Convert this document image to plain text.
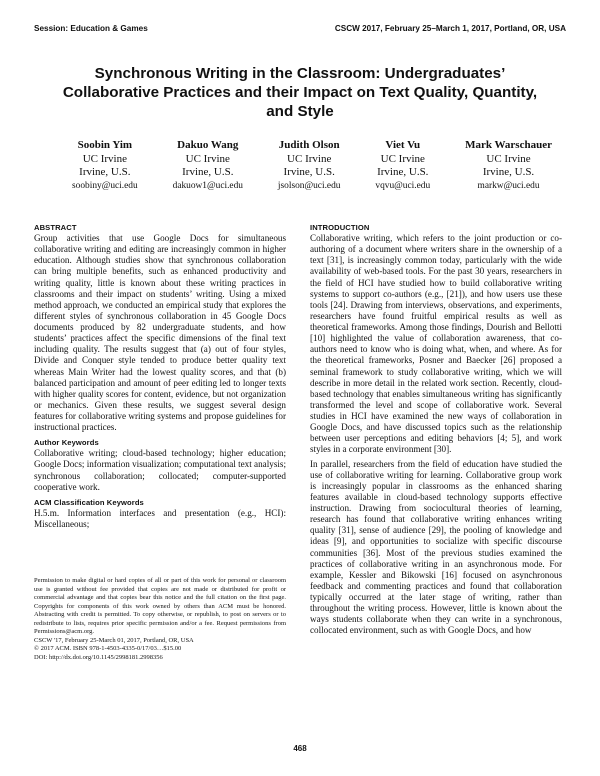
Session: Education & Games	CSCW 2017, February 25–March 1, 2017, Portland, OR, USA
Synchronous Writing in the Classroom: Undergraduates’ Collaborative Practices and their Impact on Text Quality, Quantity, and Style
Soobin Yim
UC Irvine
Irvine, U.S.
soobiny@uci.edu
Dakuo Wang
UC Irvine
Irvine, U.S.
dakuow1@uci.edu
Judith Olson
UC Irvine
Irvine, U.S.
jsolson@uci.edu
Viet Vu
UC Irvine
Irvine, U.S.
vqvu@uci.edu
Mark Warschauer
UC Irvine
Irvine, U.S.
markw@uci.edu
ABSTRACT

Group activities that use Google Docs for simultaneous collaborative writing and editing are increasingly common in higher education. Although studies show that synchronous collaboration can bring multiple benefits, such as enhanced productivity and writing quality, little is known about these writing practices in classrooms and their impact on students’ writing. Using a mixed method approach, we conducted an empirical study that explores the different styles of synchronous collaboration in 45 Google Docs documents produced by 82 undergraduate students, and how students’ practices affect the specific dimensions of the final text including quality. The results suggest that (a) out of four styles, Divide and Conquer style tended to produce better quality text whereas Main Writer had the lowest quality scores, and that (b) balanced participation and amount of peer editing led to longer texts with higher quality scores for content, evidence, but not organization or mechanics. Given these results, we suggest several design features for collaborative writing systems and propose guidelines for instructional practices.

Author Keywords

Collaborative writing; cloud-based technology; higher education; Google Docs; information visualization; computational text analysis; synchronous collaboration; collocated; computer-supported cooperative work.

ACM Classification Keywords

H.5.m. Information interfaces and presentation (e.g., HCI): Miscellaneous;

Permission to make digital or hard copies of all or part of this work for personal or classroom use is granted without fee provided that copies are not made or distributed for profit or commercial advantage and that copies bear this notice and the full citation on the first page. Copyrights for components of this work owned by others than ACM must be honored. Abstracting with credit is permitted. To copy otherwise, or republish, to post on servers or to redistribute to lists, requires prior specific permission and/or a fee. Request permissions from Permissions@acm.org.

CSCW '17, February 25-March 01, 2017, Portland, OR, USA

© 2017 ACM. ISBN 978-1-4503-4335-0/17/03…$15.00

DOI: http://dx.doi.org/10.1145/2998181.2998356

INTRODUCTION

Collaborative writing, which refers to the joint production or co-authoring of a document where writers share in the ownership of a text [31], is increasingly common today, particularly with the wide availability of web-based tools. For the past 30 years, researchers in the field of HCI have studied how to build collaborative writing systems to support co-authors (e.g., [21]), and how users use these tools [24]. Drawing from interviews, observations, and experiments, researchers have found fruitful empirical results as well as theoretical frameworks. Among those findings, Dourish and Bellotti [10] highlighted the value of collaboration awareness, that co-authors need to know who is doing what, when, and where. As for the theoretical frameworks, Posner and Baecker [26] proposed a seminal framework to study collaborative writing, which we will describe in more detail in the related work section. Recently, cloud-based technology that enables simultaneous writing has significantly transformed the level and scope of collaborative work. Several studies in HCI have examined the new ways of collaboration in Google Docs, and have discussed topics such as the relationship between user perceptions and editing behaviors [4; 5], and work styles in a corporate environment [30].

In parallel, researchers from the field of education have studied the use of collaborative writing for learning. Collaborative group work is increasingly popular in classrooms as the enhanced sharing features available in cloud-based technology supports effective instruction. Drawing from sociocultural theories of learning, research has found that collaborative writing enhances writing quality [31], sense of audience [29], the pooling of knowledge and ideas [9], and opportunities to socialize with specific discourse communities [36]. Most of the previous studies examined the practices of collaborative writing in an asynchronous mode. For example, Kessler and Bikowski [16] focused on asynchronous feedback and commenting practices and found that collaboration typically occurred at the later stage of writing, rather than throughout the writing process. However, little is known about the ways students collaborate when they can write in a synchronous, collocated environment, such as with Google Docs, and how

468
